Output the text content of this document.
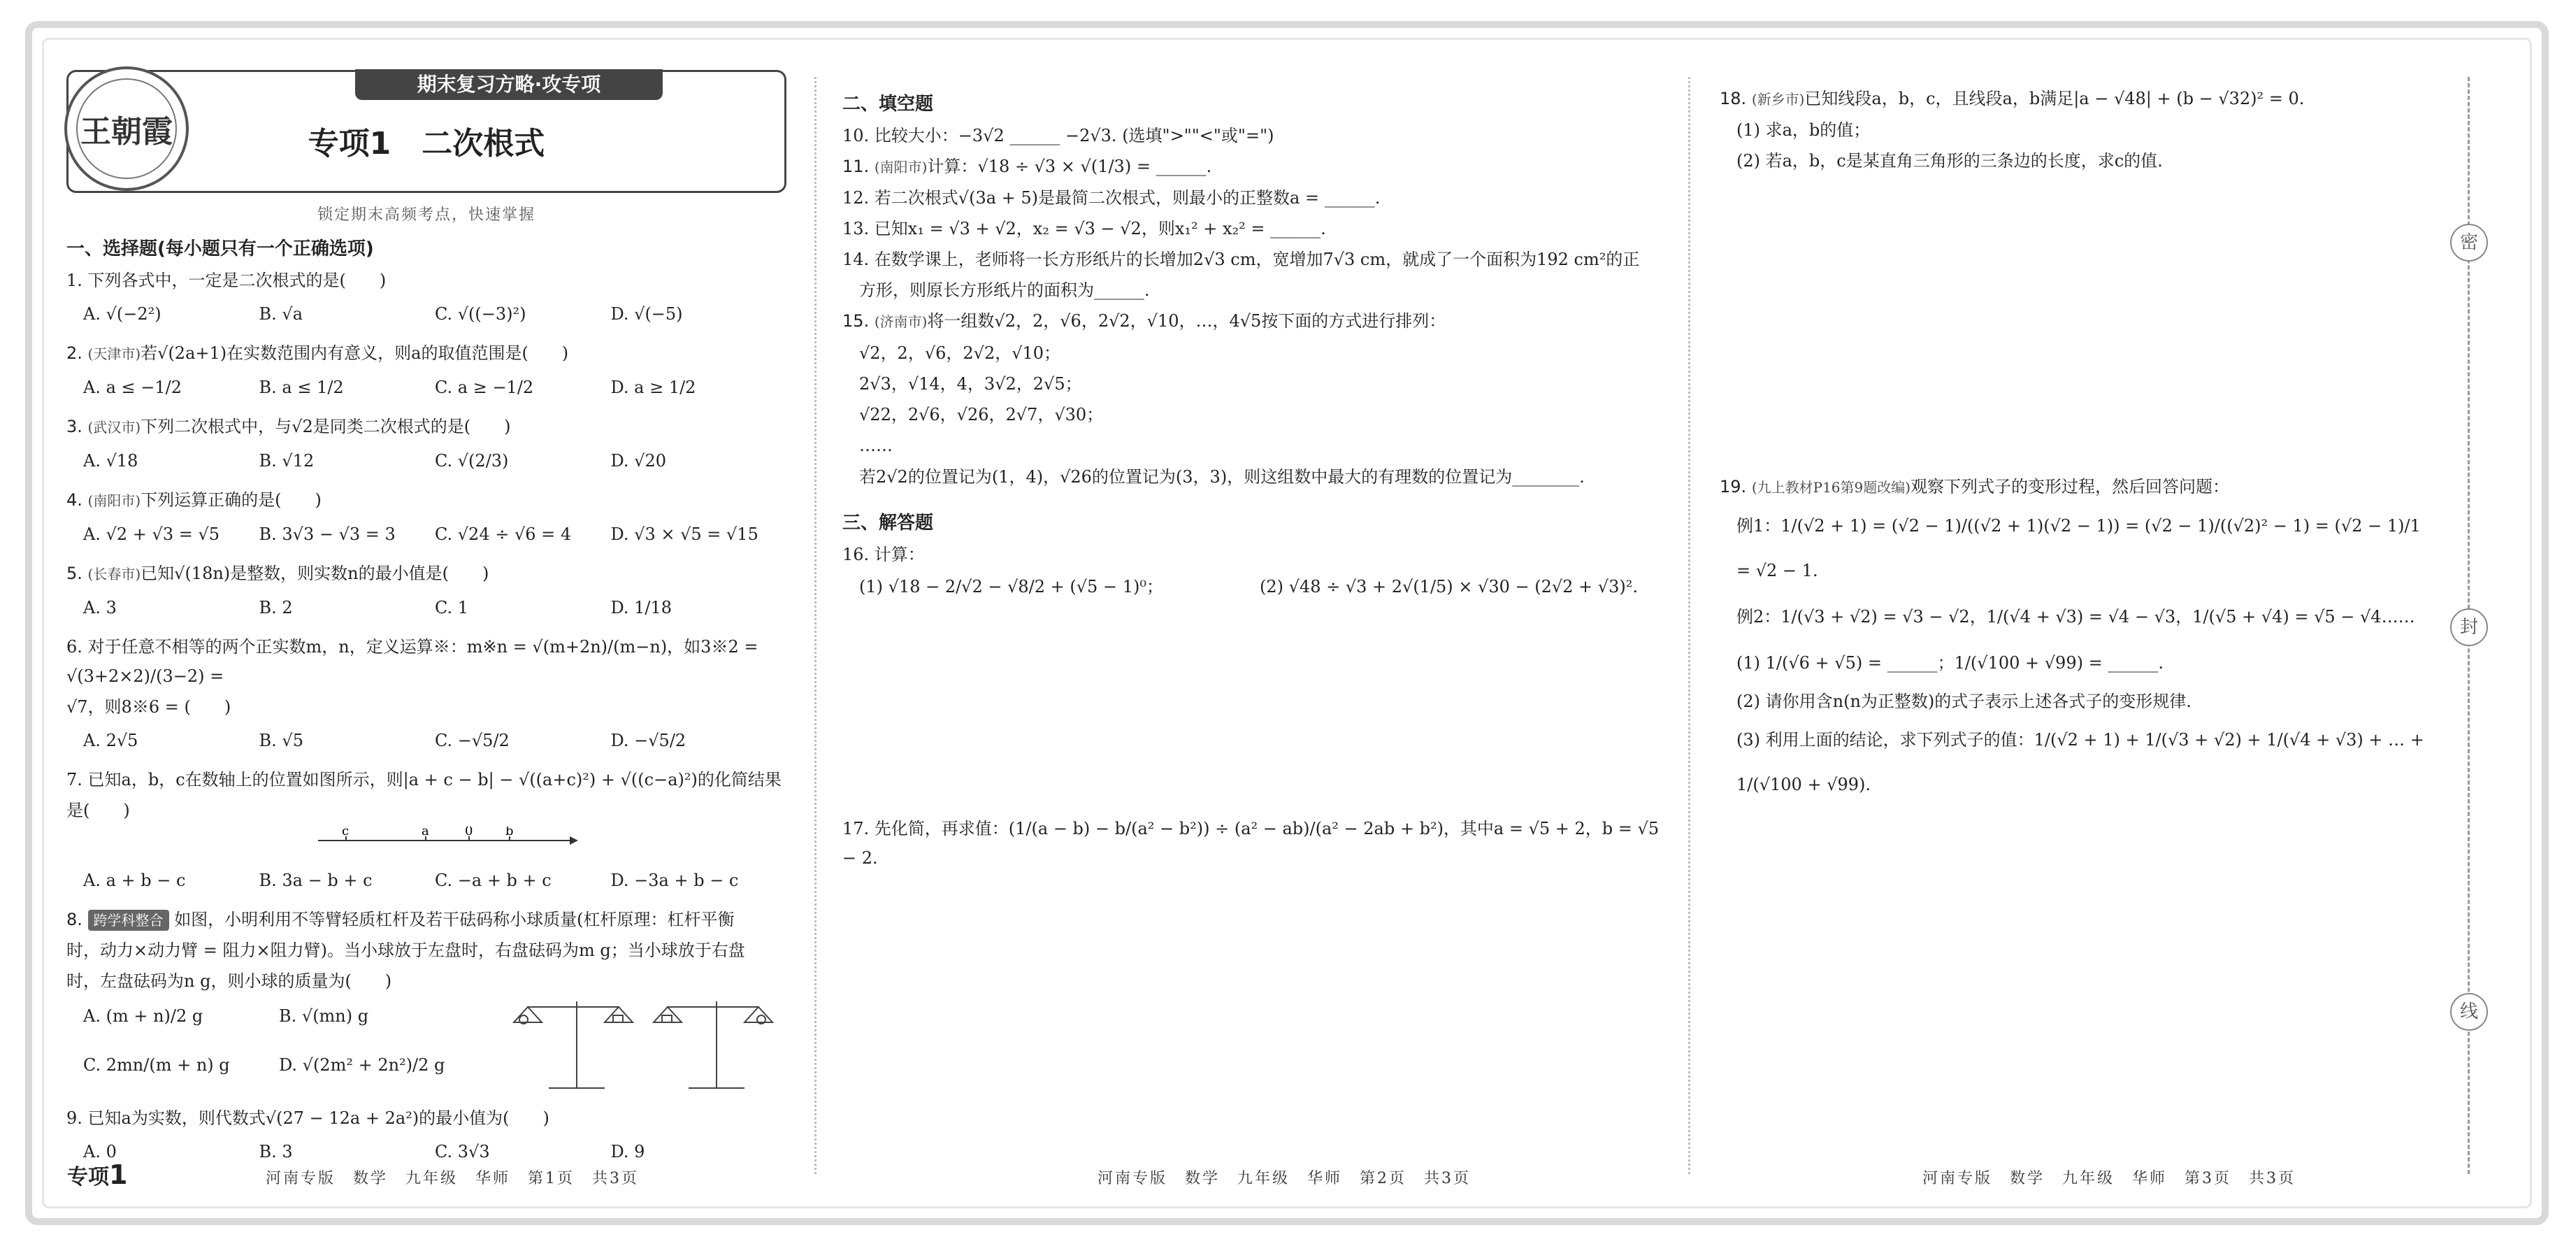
密
封
线
王朝霞
期末复习方略·攻专项
专项1　二次根式
锁定期末高频考点，快速掌握
一、选择题(每小题只有一个正确选项)
1. 下列各式中，一定是二次根式的是(　　)
A. √(−2²)	B. √a	C. √((−3)²)	D. √(−5)
2. (天津市)若√(2a+1)在实数范围内有意义，则a的取值范围是(　　)
A. a ≤ −1/2	B. a ≤ 1/2	C. a ≥ −1/2	D. a ≥ 1/2
3. (武汉市)下列二次根式中，与√2是同类二次根式的是(　　)
A. √18	B. √12	C. √(2/3)	D. √20
4. (南阳市)下列运算正确的是(　　)
A. √2 + √3 = √5	B. 3√3 − √3 = 3	C. √24 ÷ √6 = 4	D. √3 × √5 = √15
5. (长春市)已知√(18n)是整数，则实数n的最小值是(　　)
A. 3	B. 2	C. 1	D. 1/18
6. 对于任意不相等的两个正实数m，n，定义运算※：m※n = √(m+2n)/(m−n)，如3※2 = √(3+2×2)/(3−2) =
√7，则8※6 = (　　)
A. 2√5	B. √5	C. −√5/2	D. −√5/2
7. 已知a，b，c在数轴上的位置如图所示，则|a + c − b| − √((a+c)²) + √((c−a)²)的化简结果
是(　　)
c	a	0	b
A. a + b − c	B. 3a − b + c	C. −a + b + c	D. −3a + b − c
8. 跨学科整合 如图，小明利用不等臂轻质杠杆及若干砝码称小球质量(杠杆原理：杠杆平衡
时，动力×动力臂 = 阻力×阻力臂)。当小球放于左盘时，右盘砝码为m g；当小球放于右盘
时，左盘砝码为n g，则小球的质量为(　　)
A. (m + n)/2 g	B. √(mn) g
C. 2mn/(m + n) g	D. √(2m² + 2n²)/2 g
9. 已知a为实数，则代数式√(27 − 12a + 2a²)的最小值为(　　)
A. 0	B. 3	C. 3√3	D. 9
二、填空题
10. 比较大小：−3√2 ______ −2√3. (选填">""<"或"=")
11. (南阳市)计算：√18 ÷ √3 × √(1/3) = ______.
12. 若二次根式√(3a + 5)是最简二次根式，则最小的正整数a = ______.
13. 已知x₁ = √3 + √2，x₂ = √3 − √2，则x₁² + x₂² = ______.
14. 在数学课上，老师将一长方形纸片的长增加2√3 cm，宽增加7√3 cm，就成了一个面积为192 cm²的正
方形，则原长方形纸片的面积为______.
15. (济南市)将一组数√2，2，√6，2√2，√10，…，4√5按下面的方式进行排列：
√2，2，√6，2√2，√10；
2√3，√14，4，3√2，2√5；
√22，2√6，√26，2√7，√30；
……
若2√2的位置记为(1，4)，√26的位置记为(3，3)，则这组数中最大的有理数的位置记为________.
三、解答题
16. 计算：
(1) √18 − 2/√2 − √8/2 + (√5 − 1)⁰；	(2) √48 ÷ √3 + 2√(1/5) × √30 − (2√2 + √3)².
17. 先化简，再求值：(1/(a − b) − b/(a² − b²)) ÷ (a² − ab)/(a² − 2ab + b²)，其中a = √5 + 2，b = √5 − 2.
18. (新乡市)已知线段a，b，c，且线段a，b满足|a − √48| + (b − √32)² = 0.
(1) 求a，b的值；
(2) 若a，b，c是某直角三角形的三条边的长度，求c的值.
19. (九上教材P16第9题改编)观察下列式子的变形过程，然后回答问题：
例1：1/(√2 + 1) = (√2 − 1)/((√2 + 1)(√2 − 1)) = (√2 − 1)/((√2)² − 1) = (√2 − 1)/1 = √2 − 1.
例2：1/(√3 + √2) = √3 − √2，1/(√4 + √3) = √4 − √3，1/(√5 + √4) = √5 − √4……
(1) 1/(√6 + √5) = ______；1/(√100 + √99) = ______.
(2) 请你用含n(n为正整数)的式子表示上述各式子的变形规律.
(3) 利用上面的结论，求下列式子的值：1/(√2 + 1) + 1/(√3 + √2) + 1/(√4 + √3) + … + 1/(√100 + √99).
专项1	河南专版　数学　九年级　华师　第1页　共3页	河南专版　数学　九年级　华师　第2页　共3页	河南专版　数学　九年级　华师　第3页　共3页
